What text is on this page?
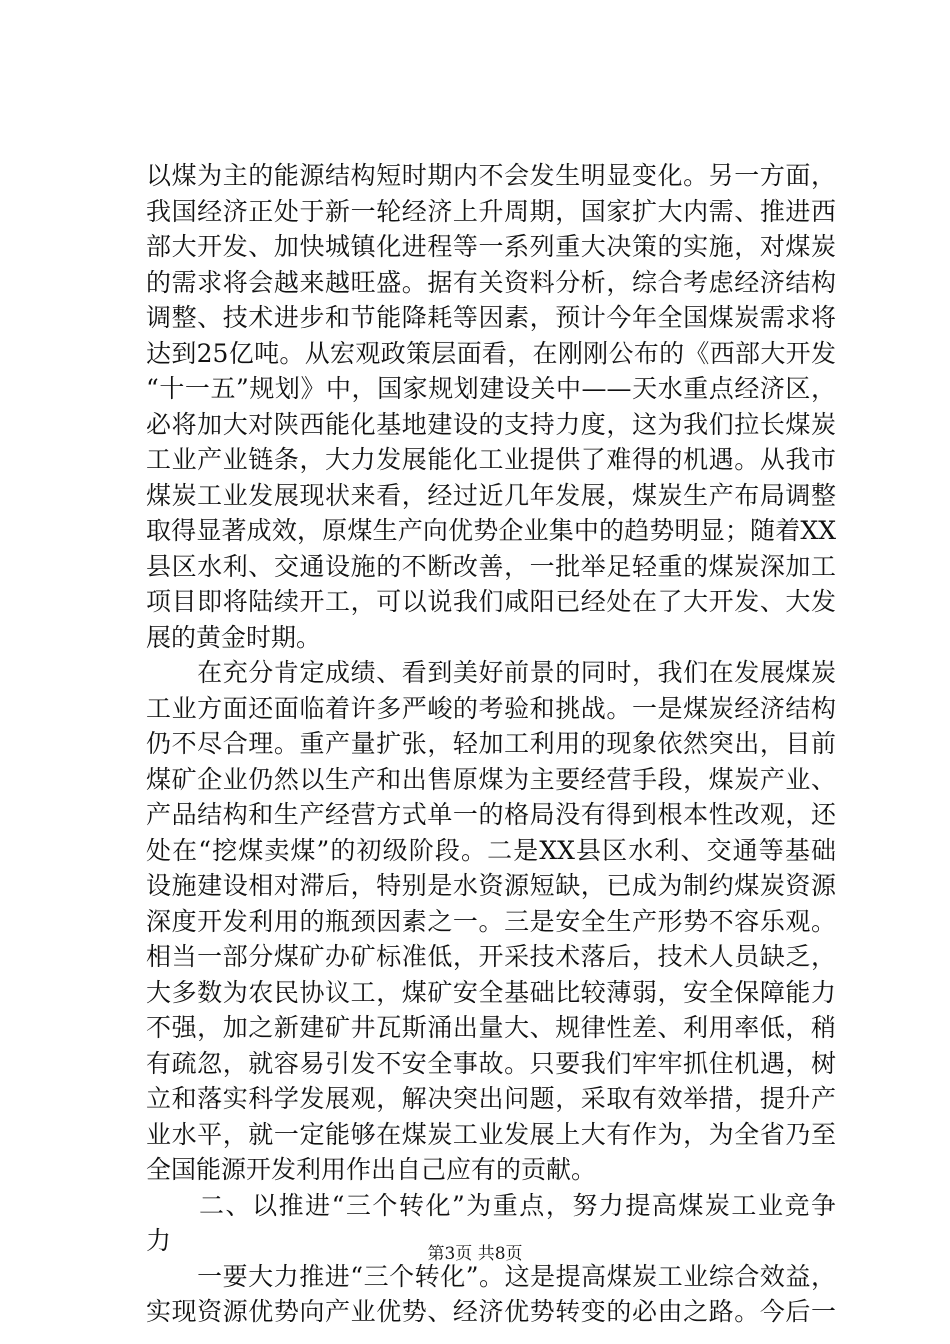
以煤为主的能源结构短时期内不会发生明显变化。另一方面，
我国经济正处于新一轮经济上升周期，国家扩大内需、推进西
部大开发、加快城镇化进程等一系列重大决策的实施，对煤炭
的需求将会越来越旺盛。据有关资料分析，综合考虑经济结构
调整、技术进步和节能降耗等因素，预计今年全国煤炭需求将
达到25亿吨。从宏观政策层面看，在刚刚公布的《西部大开发
“十一五”规划》中，国家规划建设关中——天水重点经济区，
必将加大对陕西能化基地建设的支持力度，这为我们拉长煤炭
工业产业链条，大力发展能化工业提供了难得的机遇。从我市
煤炭工业发展现状来看，经过近几年发展，煤炭生产布局调整
取得显著成效，原煤生产向优势企业集中的趋势明显；随着XX
县区水利、交通设施的不断改善，一批举足轻重的煤炭深加工
项目即将陆续开工，可以说我们咸阳已经处在了大开发、大发
展的黄金时期。
　　在充分肯定成绩、看到美好前景的同时，我们在发展煤炭
工业方面还面临着许多严峻的考验和挑战。一是煤炭经济结构
仍不尽合理。重产量扩张，轻加工利用的现象依然突出，目前
煤矿企业仍然以生产和出售原煤为主要经营手段，煤炭产业、
产品结构和生产经营方式单一的格局没有得到根本性改观，还
处在“挖煤卖煤”的初级阶段。二是XX县区水利、交通等基础
设施建设相对滞后，特别是水资源短缺，已成为制约煤炭资源
深度开发利用的瓶颈因素之一。三是安全生产形势不容乐观。
相当一部分煤矿办矿标准低，开采技术落后，技术人员缺乏，
大多数为农民协议工，煤矿安全基础比较薄弱，安全保障能力
不强，加之新建矿井瓦斯涌出量大、规律性差、利用率低，稍
有疏忽，就容易引发不安全事故。只要我们牢牢抓住机遇，树
立和落实科学发展观，解决突出问题，采取有效举措，提升产
业水平，就一定能够在煤炭工业发展上大有作为，为全省乃至
全国能源开发利用作出自己应有的贡献。
　　二、以推进“三个转化”为重点，努力提高煤炭工业竞争
力
　　一要大力推进“三个转化”。这是提高煤炭工业综合效益，
实现资源优势向产业优势、经济优势转变的必由之路。今后一
第3页 共8页
